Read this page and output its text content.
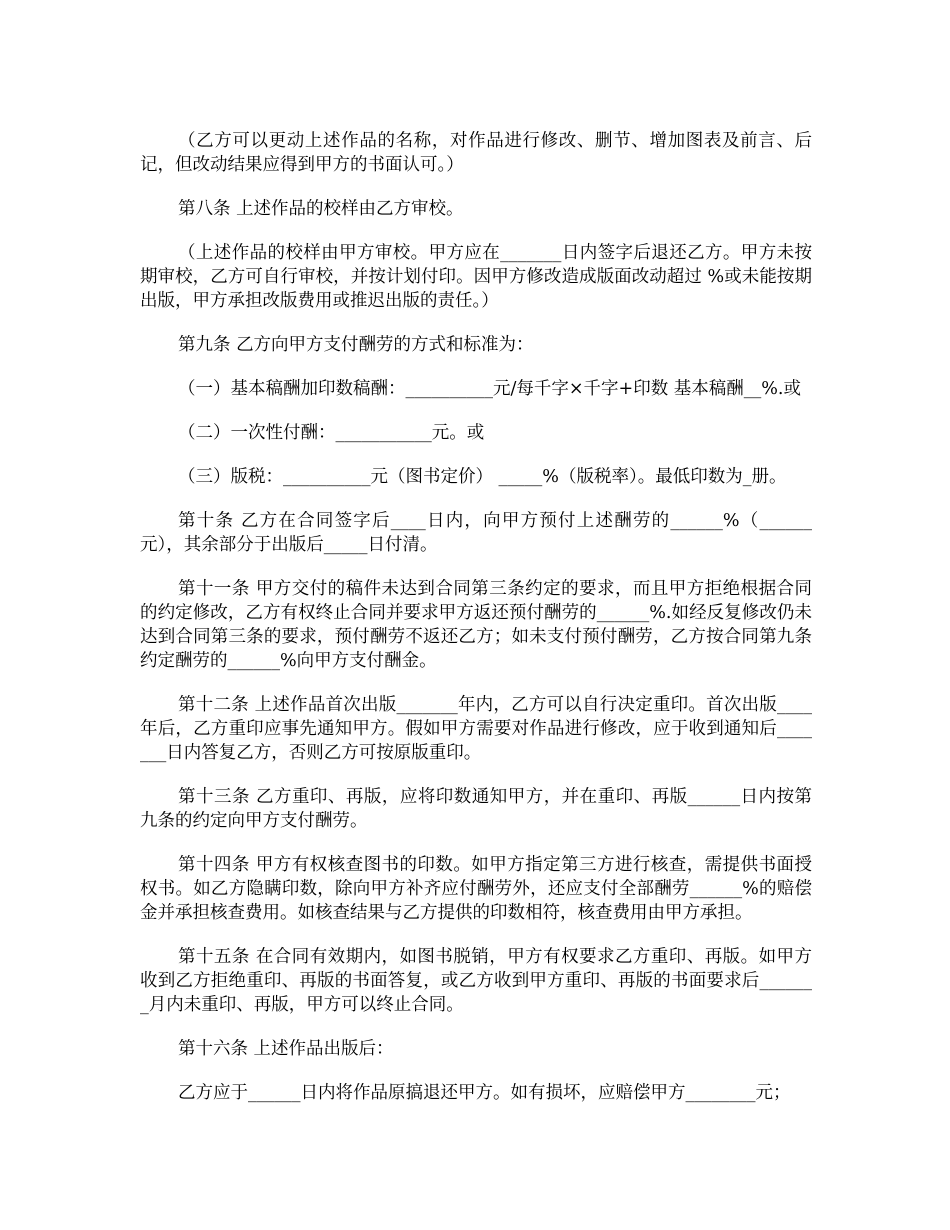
（乙方可以更动上述作品的名称，对作品进行修改、删节、增加图表及前言、后记，但改动结果应得到甲方的书面认可。）

第八条 上述作品的校样由乙方审校。

（上述作品的校样由甲方审校。甲方应在_______日内签字后退还乙方。甲方未按期审校，乙方可自行审校，并按计划付印。因甲方修改造成版面改动超过 %或未能按期出版，甲方承担改版费用或推迟出版的责任。）

第九条 乙方向甲方支付酬劳的方式和标准为：

（一）基本稿酬加印数稿酬：__________元/每千字×千字+印数 基本稿酬__%.或

（二）一次性付酬：___________元。或

（三）版税：__________元（图书定价） _____%（版税率）。最低印数为_册。

第十条 乙方在合同签字后____日内，向甲方预付上述酬劳的______%（______元），其余部分于出版后_____日付清。

第十一条 甲方交付的稿件未达到合同第三条约定的要求，而且甲方拒绝根据合同的约定修改，乙方有权终止合同并要求甲方返还预付酬劳的______%.如经反复修改仍未达到合同第三条的要求，预付酬劳不返还乙方；如未支付预付酬劳，乙方按合同第九条约定酬劳的______%向甲方支付酬金。

第十二条 上述作品首次出版_______年内，乙方可以自行决定重印。首次出版____年后，乙方重印应事先通知甲方。假如甲方需要对作品进行修改，应于收到通知后_______日内答复乙方，否则乙方可按原版重印。

第十三条 乙方重印、再版，应将印数通知甲方，并在重印、再版______日内按第九条的约定向甲方支付酬劳。

第十四条 甲方有权核查图书的印数。如甲方指定第三方进行核查，需提供书面授权书。如乙方隐瞒印数，除向甲方补齐应付酬劳外，还应支付全部酬劳______%的赔偿金并承担核查费用。如核查结果与乙方提供的印数相符，核查费用由甲方承担。

第十五条 在合同有效期内，如图书脱销，甲方有权要求乙方重印、再版。如甲方收到乙方拒绝重印、再版的书面答复，或乙方收到甲方重印、再版的书面要求后_______月内未重印、再版，甲方可以终止合同。

第十六条 上述作品出版后：

乙方应于______日内将作品原搞退还甲方。如有损坏，应赔偿甲方________元；
